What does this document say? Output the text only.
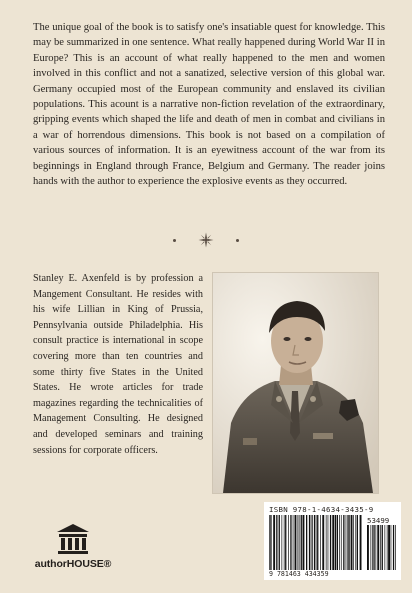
The unique goal of the book is to satisfy one's insatiable quest for knowledge. This may be summarized in one sentence. What really happened during World War II in Europe? This is an account of what really happened to the men and women involved in this conflict and not a sanatized, selective version of this global war. Germany occupied most of the European community and enslaved its civilian populations. This acount is a narrative non-fiction revelation of the extraordinary, gripping events which shaped the life and death of men in combat and civilians in a war of horrendous dimensions. This book is not based on a compilation of various sources of information. It is an eyewitness account of the war from its beginnings in England through France, Belgium and Germany. The reader joins hands with the author to experience the explosive events as they occurred.

Stanley E. Axenfeld is by profession a Mangement Consultant. He resides with his wife Lillian in King of Prussia, Pennsylvania outside Philadelphia. His consult practice is international in scope covering more than ten countries and some thirty five States in the United States. He wrote articles for trade magazines regarding the technicalities of Management Consulting. He designed and developed seminars and training sessions for corporate officers.

ISBN 978-1-4634-3435-9
53499
9 781463 434359
authorHOUSE®
